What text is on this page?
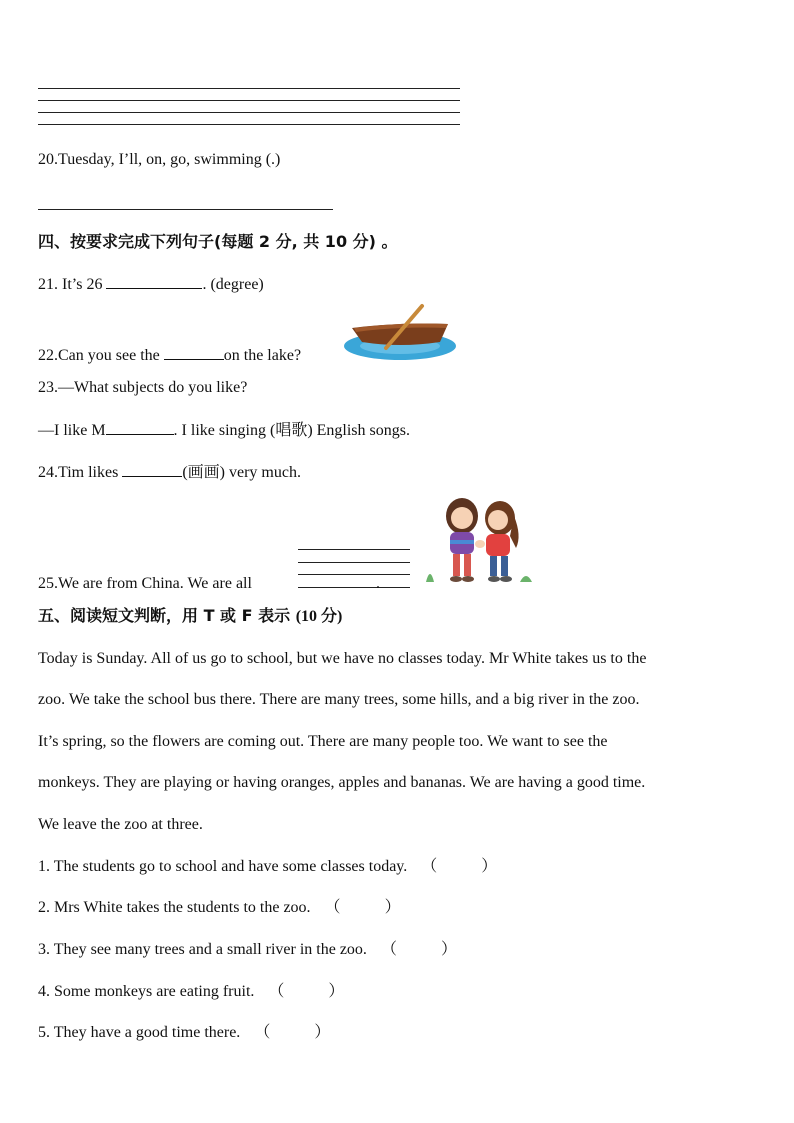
20.Tuesday, I’ll, on, go, swimming (.)
四、按要求完成下列句子(每题 2 分, 共 10 分) 。
21. It’s 26	. (degree)
22.Can you see the	on the lake?
23.—What subjects do you like?
—I like M	. I like singing (唱歌) English songs.
24.Tim likes	(画画) very much.
25.We are from China. We are all	.
五、阅读短文判断，用 T 或 F 表示 (10 分)
Today is Sunday. All of us go to school, but we have no classes today. Mr White takes us to the
zoo. We take the school bus there. There are many trees, some hills, and a big river in the zoo.
It’s spring, so the flowers are coming out. There are many people too. We want to see the
monkeys. They are playing or having oranges, apples and bananas. We are having a good time.
We leave the zoo at three.
1. The students go to school and have some classes today. （	）
2. Mrs White takes the students to the zoo. （	）
3. They see many trees and a small river in the zoo. （	）
4. Some monkeys are eating fruit. （	）
5. They have a good time there. （	）
